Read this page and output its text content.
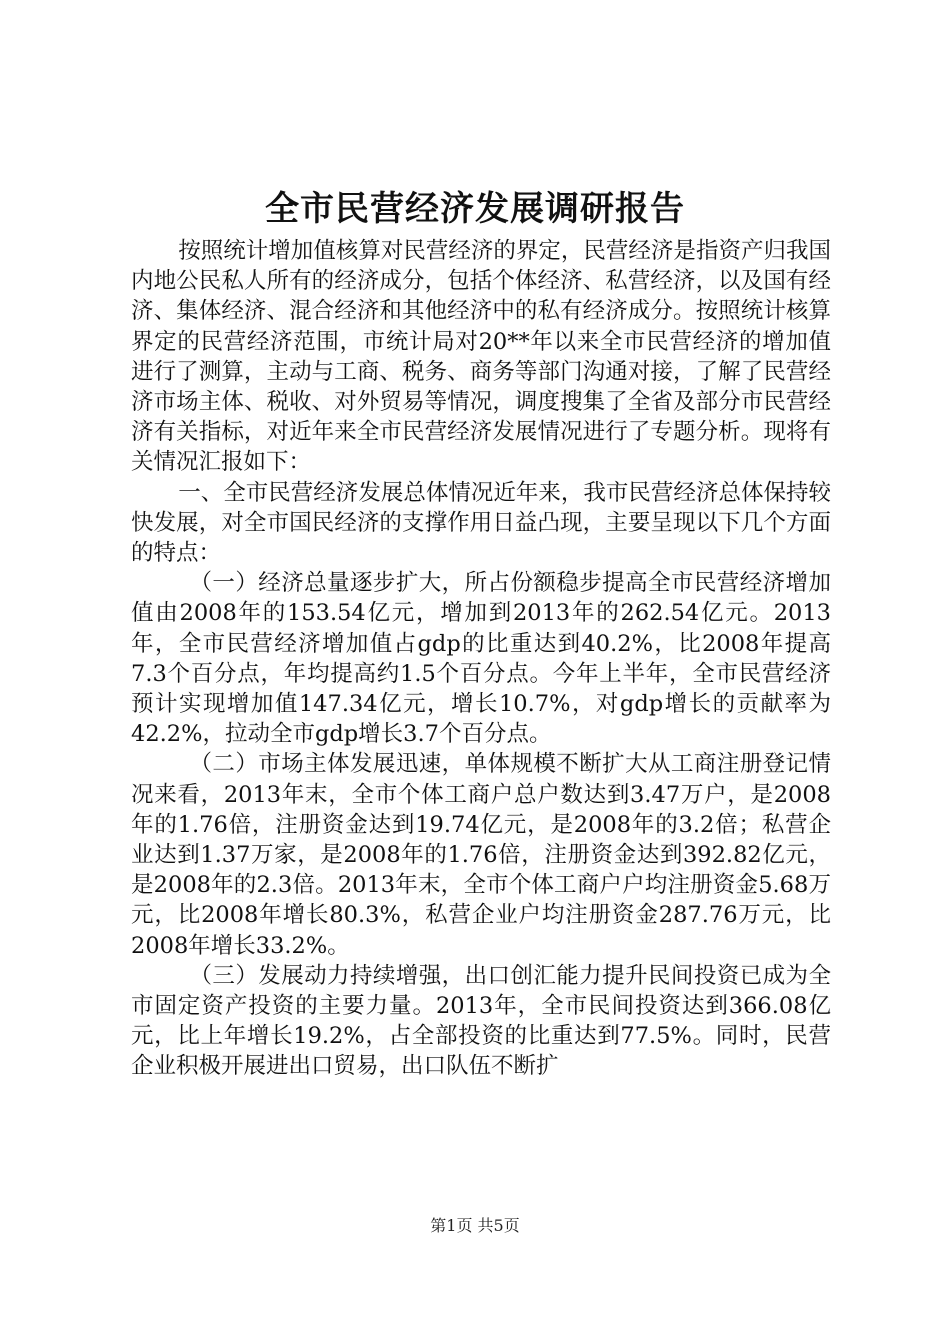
全市民营经济发展调研报告

按照统计增加值核算对民营经济的界定，民营经济是指资产归我国内地公民私人所有的经济成分，包括个体经济、私营经济，以及国有经济、集体经济、混合经济和其他经济中的私有经济成分。按照统计核算界定的民营经济范围，市统计局对20**年以来全市民营经济的增加值进行了测算，主动与工商、税务、商务等部门沟通对接，了解了民营经济市场主体、税收、对外贸易等情况，调度搜集了全省及部分市民营经济有关指标，对近年来全市民营经济发展情况进行了专题分析。现将有关情况汇报如下：

一、全市民营经济发展总体情况近年来，我市民营经济总体保持较快发展，对全市国民经济的支撑作用日益凸现，主要呈现以下几个方面的特点：

（一）经济总量逐步扩大，所占份额稳步提高全市民营经济增加值由2008年的153.54亿元，增加到2013年的262.54亿元。2013年，全市民营经济增加值占gdp的比重达到40.2%，比2008年提高7.3个百分点，年均提高约1.5个百分点。今年上半年，全市民营经济预计实现增加值147.34亿元，增长10.7%，对gdp增长的贡献率为42.2%，拉动全市gdp增长3.7个百分点。

（二）市场主体发展迅速，单体规模不断扩大从工商注册登记情况来看，2013年末，全市个体工商户总户数达到3.47万户，是2008年的1.76倍，注册资金达到19.74亿元，是2008年的3.2倍；私营企业达到1.37万家，是2008年的1.76倍，注册资金达到392.82亿元，是2008年的2.3倍。2013年末，全市个体工商户户均注册资金5.68万元，比2008年增长80.3%，私营企业户均注册资金287.76万元，比2008年增长33.2%。

（三）发展动力持续增强，出口创汇能力提升民间投资已成为全市固定资产投资的主要力量。2013年，全市民间投资达到366.08亿元，比上年增长19.2%，占全部投资的比重达到77.5%。同时，民营企业积极开展进出口贸易，出口队伍不断扩

第1页 共5页
